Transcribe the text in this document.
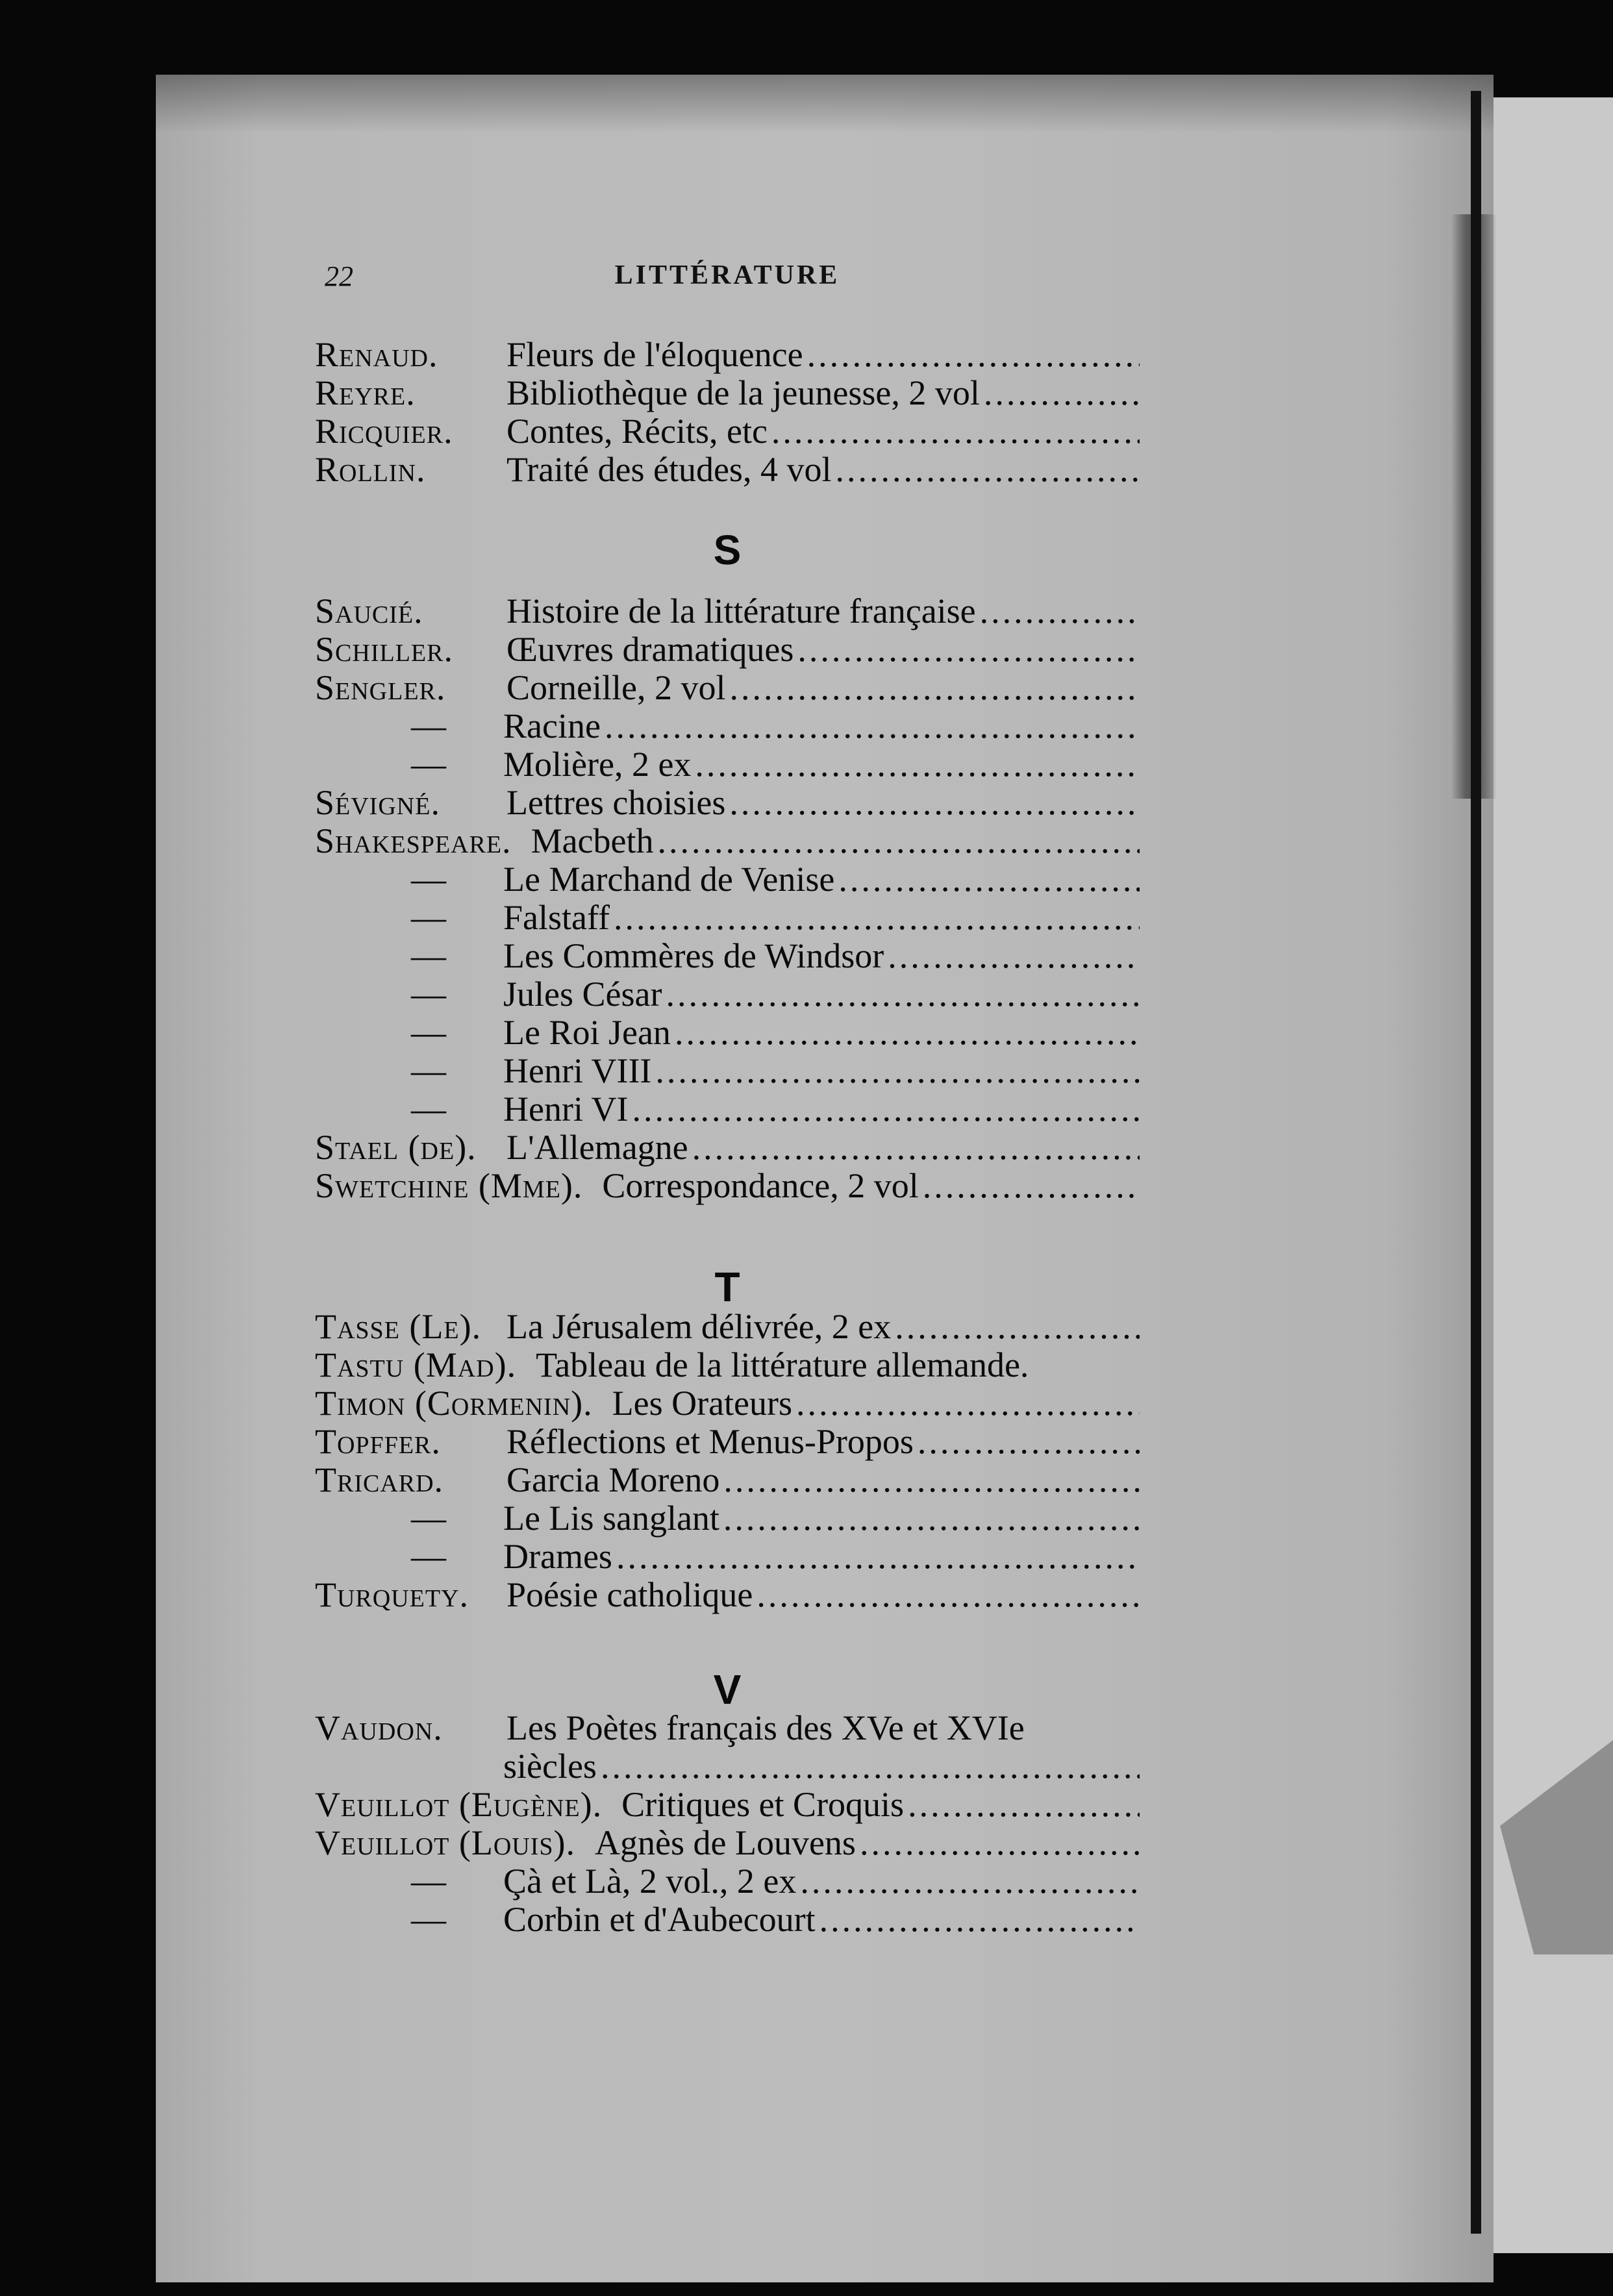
22	LITTÉRATURE
Renaud. Fleurs de l'éloquence
.....
Reyre.	Bibliothèque de la jeunesse, 2 vol
.....
Ricquier. Contes, Récits, etc
.....
Rollin. Traité des études, 4 vol
.....
S
Saucié. Histoire de la littérature française
.....
Schiller. Œuvres dramatiques
.....
Sengler. Corneille, 2 vol
.....
—	Racine
.....
—	Molière, 2 ex
.....
Sévigné. Lettres choisies
.....
Shakespeare. Macbeth
.....
—	Le Marchand de Venise
.....
—	Falstaff
.....
—	Les Commères de Windsor
.....
—	Jules César
.....
—	Le Roi Jean
.....
—	Henri VIII
.....
—	Henri VI
.....
Stael (de). L'Allemagne
.....
Swetchine (Mme). Correspondance, 2 vol
.....
T
Tasse (Le). La Jérusalem délivrée, 2 ex
.....
Tastu (Mad). Tableau de la littérature allemande.
Timon (Cormenin). Les Orateurs
.....
Topffer. Réflections et Menus-Propos
.....
Tricard. Garcia Moreno
.....
—	Le Lis sanglant
.....
—	Drames
.....
Turquety. Poésie catholique
.....
V
Vaudon. Les Poètes français des XVe et XVIe
siècles
.....
Veuillot (Eugène). Critiques et Croquis
.....
Veuillot (Louis). Agnès de Louvens
.....
—	Çà et Là, 2 vol., 2 ex
.....
—	Corbin et d'Aubecourt
.....
